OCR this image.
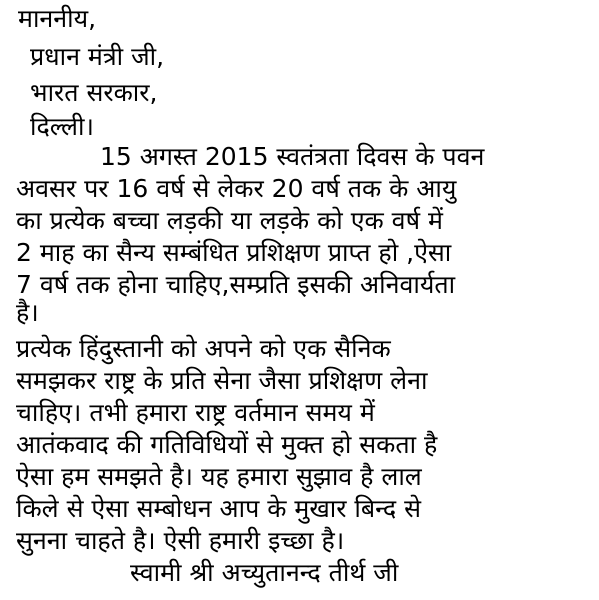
माननीय,
प्रधान मंत्री जी,
भारत सरकार,
दिल्ली।
15 अगस्त 2015 स्वतंत्रता दिवस के पवन
अवसर पर 16 वर्ष से लेकर 20 वर्ष तक के आयु
का प्रत्येक बच्चा लड़की या लड़के को एक वर्ष में
2 माह का सैन्य सम्बंधित प्रशिक्षण प्राप्त हो ,ऐसा
7 वर्ष तक होना चाहिए,सम्प्रति इसकी अनिवार्यता
है।
प्रत्येक हिंदुस्तानी को अपने को एक सैनिक
समझकर राष्ट्र के प्रति सेना जैसा प्रशिक्षण लेना
चाहिए। तभी हमारा राष्ट्र वर्तमान समय में
आतंकवाद की गतिविधियों से मुक्त हो सकता है
ऐसा हम समझते है। यह हमारा सुझाव है लाल
किले से ऐसा सम्बोधन आप के मुखार बिन्द से
सुनना चाहते है। ऐसी हमारी इच्छा है।
स्वामी श्री अच्युतानन्द तीर्थ जी
